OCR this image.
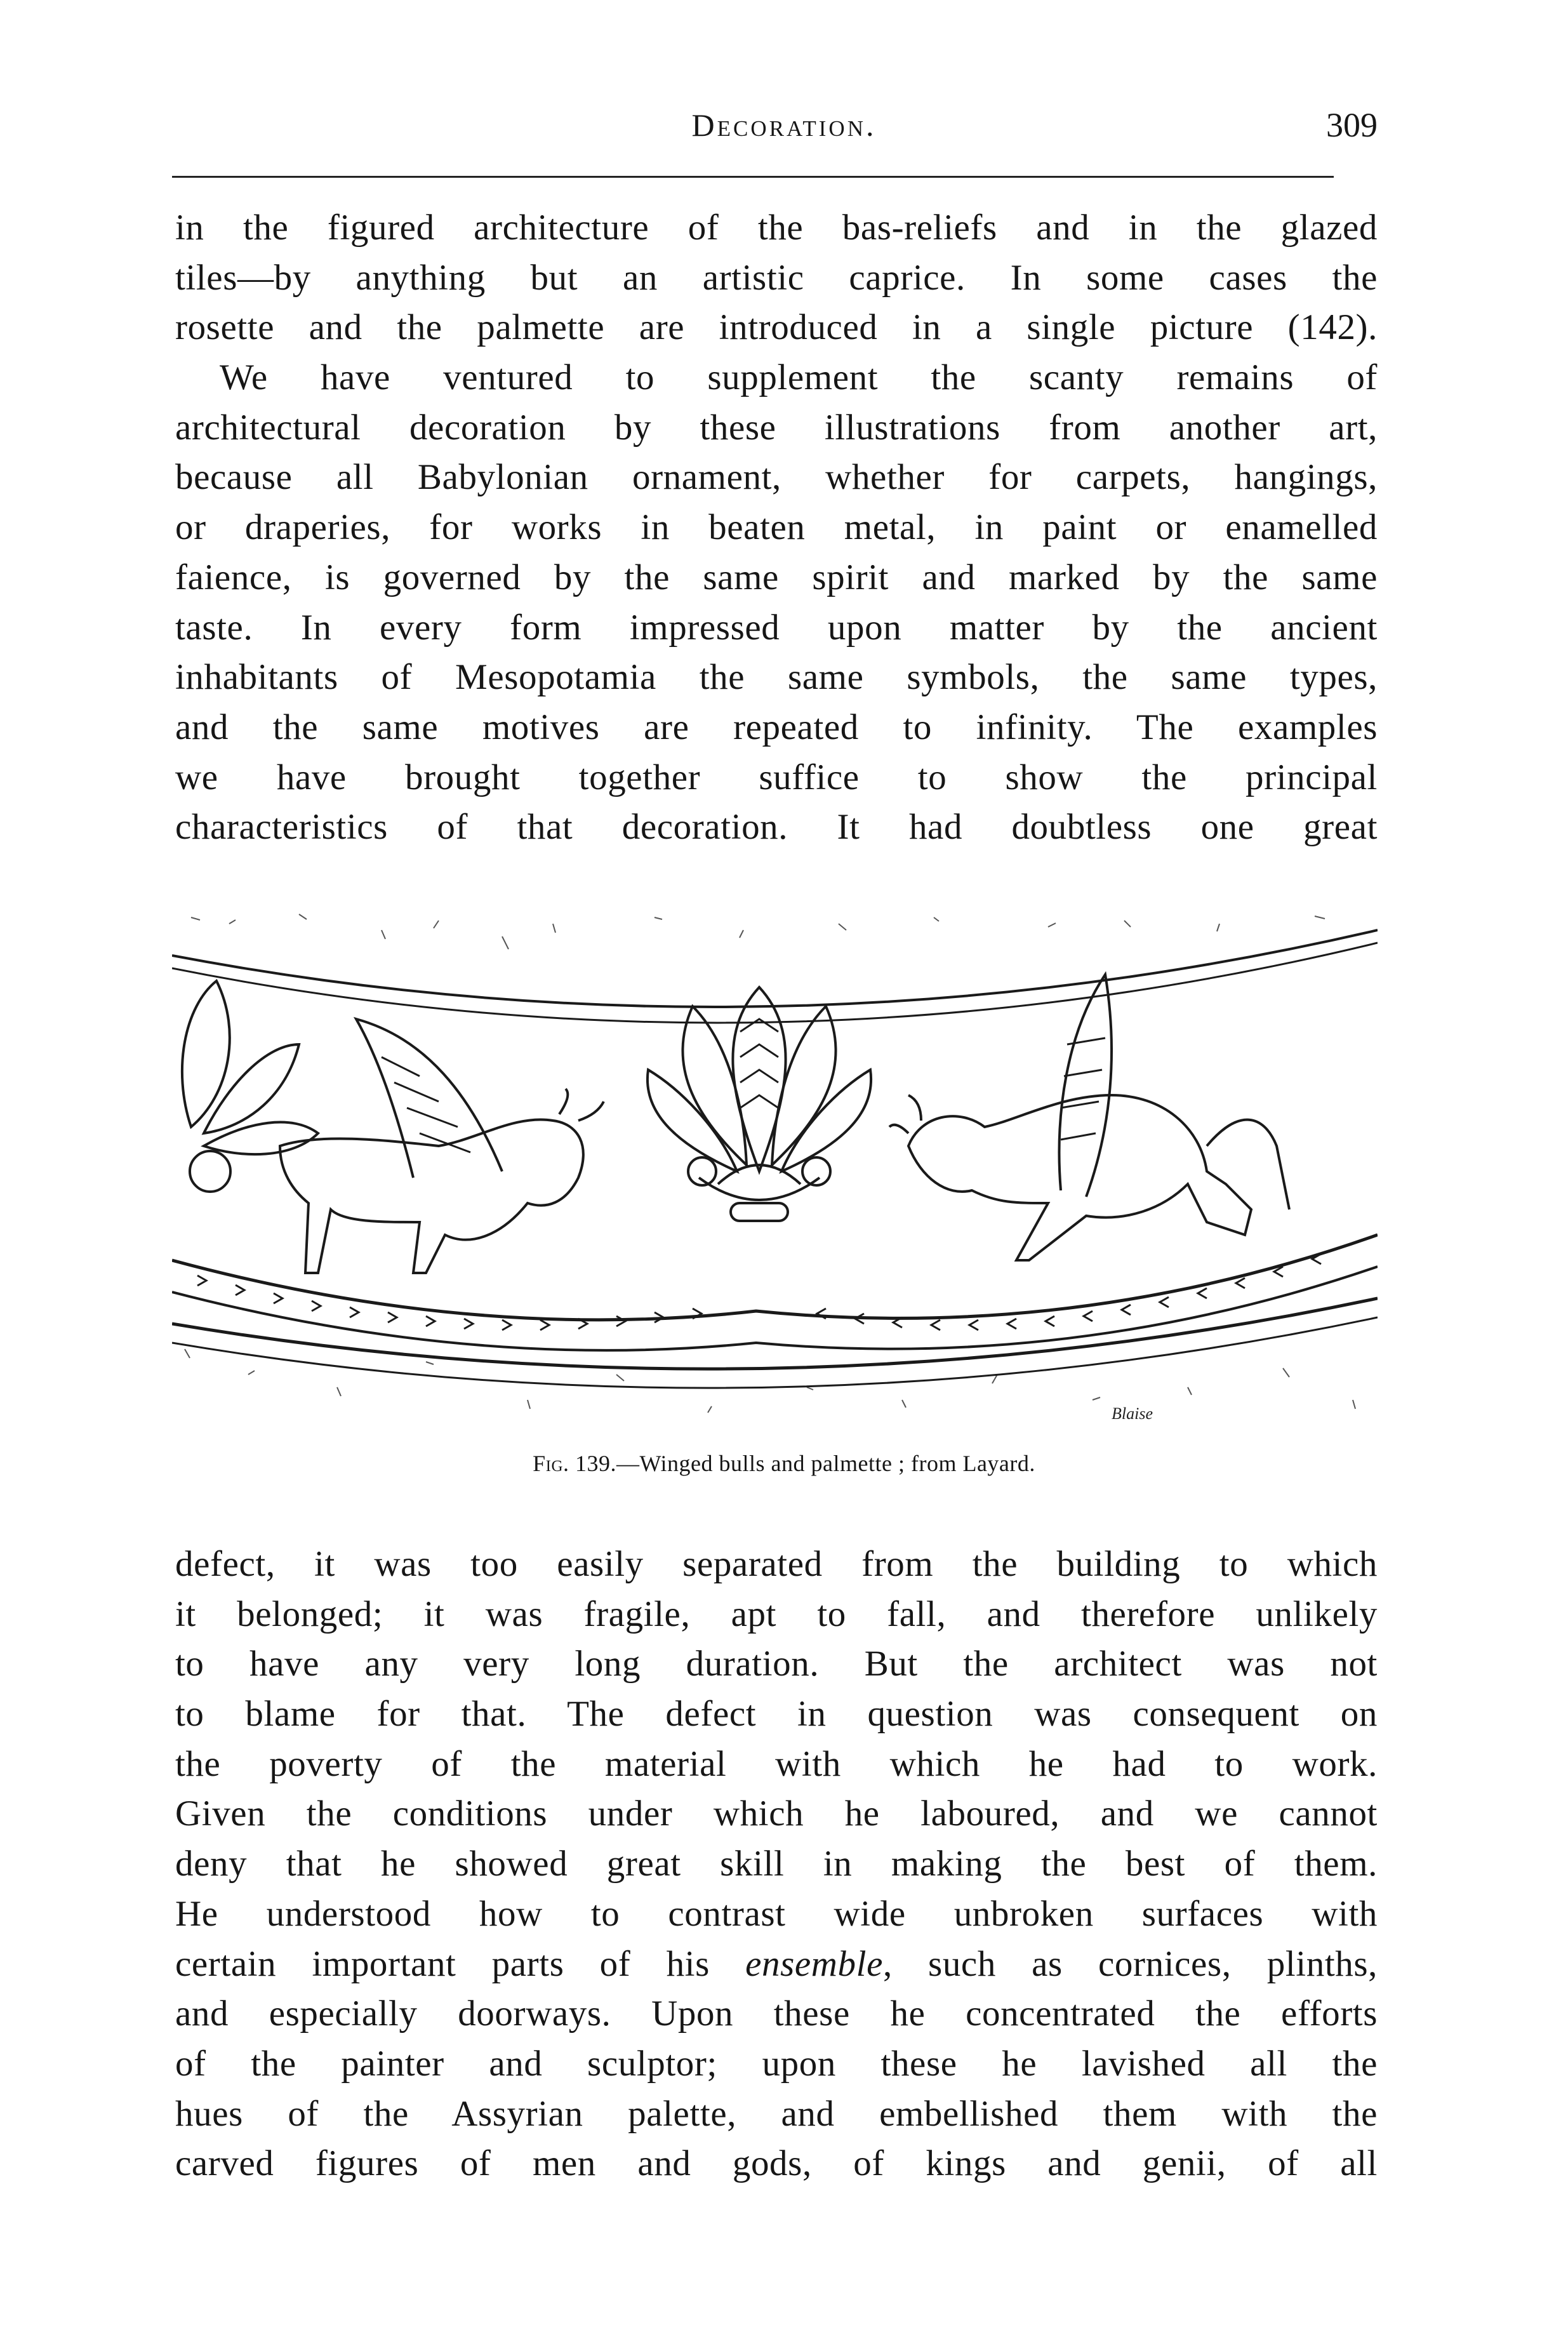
Decoration.	309
in the figured architecture of the bas-reliefs and in the glazed
tiles—by anything but an artistic caprice. In some cases the
rosette and the palmette are introduced in a single picture (142).
We have ventured to supplement the scanty remains of
architectural decoration by these illustrations from another art,
because all Babylonian ornament, whether for carpets, hangings,
or draperies, for works in beaten metal, in paint or enamelled
faience, is governed by the same spirit and marked by the same
taste. In every form impressed upon matter by the ancient
inhabitants of Mesopotamia the same symbols, the same types,
and the same motives are repeated to infinity. The examples
we have brought together suffice to show the principal
characteristics of that decoration. It had doubtless one great
Blaise
Fig. 139.—Winged bulls and palmette ; from Layard.
defect, it was too easily separated from the building to which
it belonged; it was fragile, apt to fall, and therefore unlikely
to have any very long duration. But the architect was not
to blame for that. The defect in question was consequent on
the poverty of the material with which he had to work.
Given the conditions under which he laboured, and we cannot
deny that he showed great skill in making the best of them.
He understood how to contrast wide unbroken surfaces with
certain important parts of his ensemble, such as cornices, plinths,
and especially doorways. Upon these he concentrated the efforts
of the painter and sculptor; upon these he lavished all the
hues of the Assyrian palette, and embellished them with the
carved figures of men and gods, of kings and genii, of all
